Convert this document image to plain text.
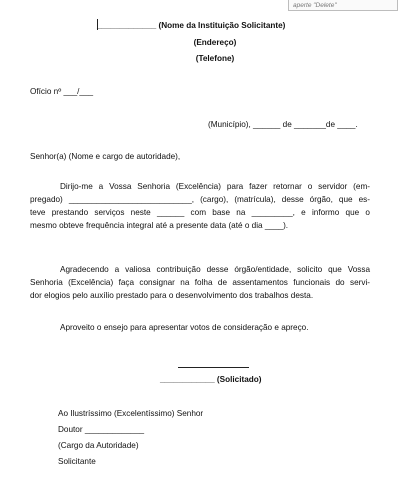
aperte "Delete"
_____________ (Nome da Instituição Solicitante)
(Endereço)
(Telefone)
Ofício nº ___/___
(Município), ______ de _______de ____.
Senhor(a) (Nome e cargo de autoridade),
Dirijo-me a Vossa Senhoria (Excelência) para fazer retornar o servidor (em-
pregado) ___________________________, (cargo), (matrícula), desse órgão, que es-
teve prestando serviços neste ______ com base na _________, e informo que o
mesmo obteve frequência integral até a presente data (até o dia ____).
Agradecendo a valiosa contribuição desse órgão/entidade, solicito que Vossa
Senhoria (Excelência) faça consignar na folha de assentamentos funcionais do servi-
dor elogios pelo auxílio prestado para o desenvolvimento dos trabalhos desta.
Aproveito o ensejo para apresentar votos de consideração e apreço.
____________ (Solicitado)
Ao Ilustríssimo (Excelentíssimo) Senhor
Doutor _____________
(Cargo da Autoridade)
Solicitante
